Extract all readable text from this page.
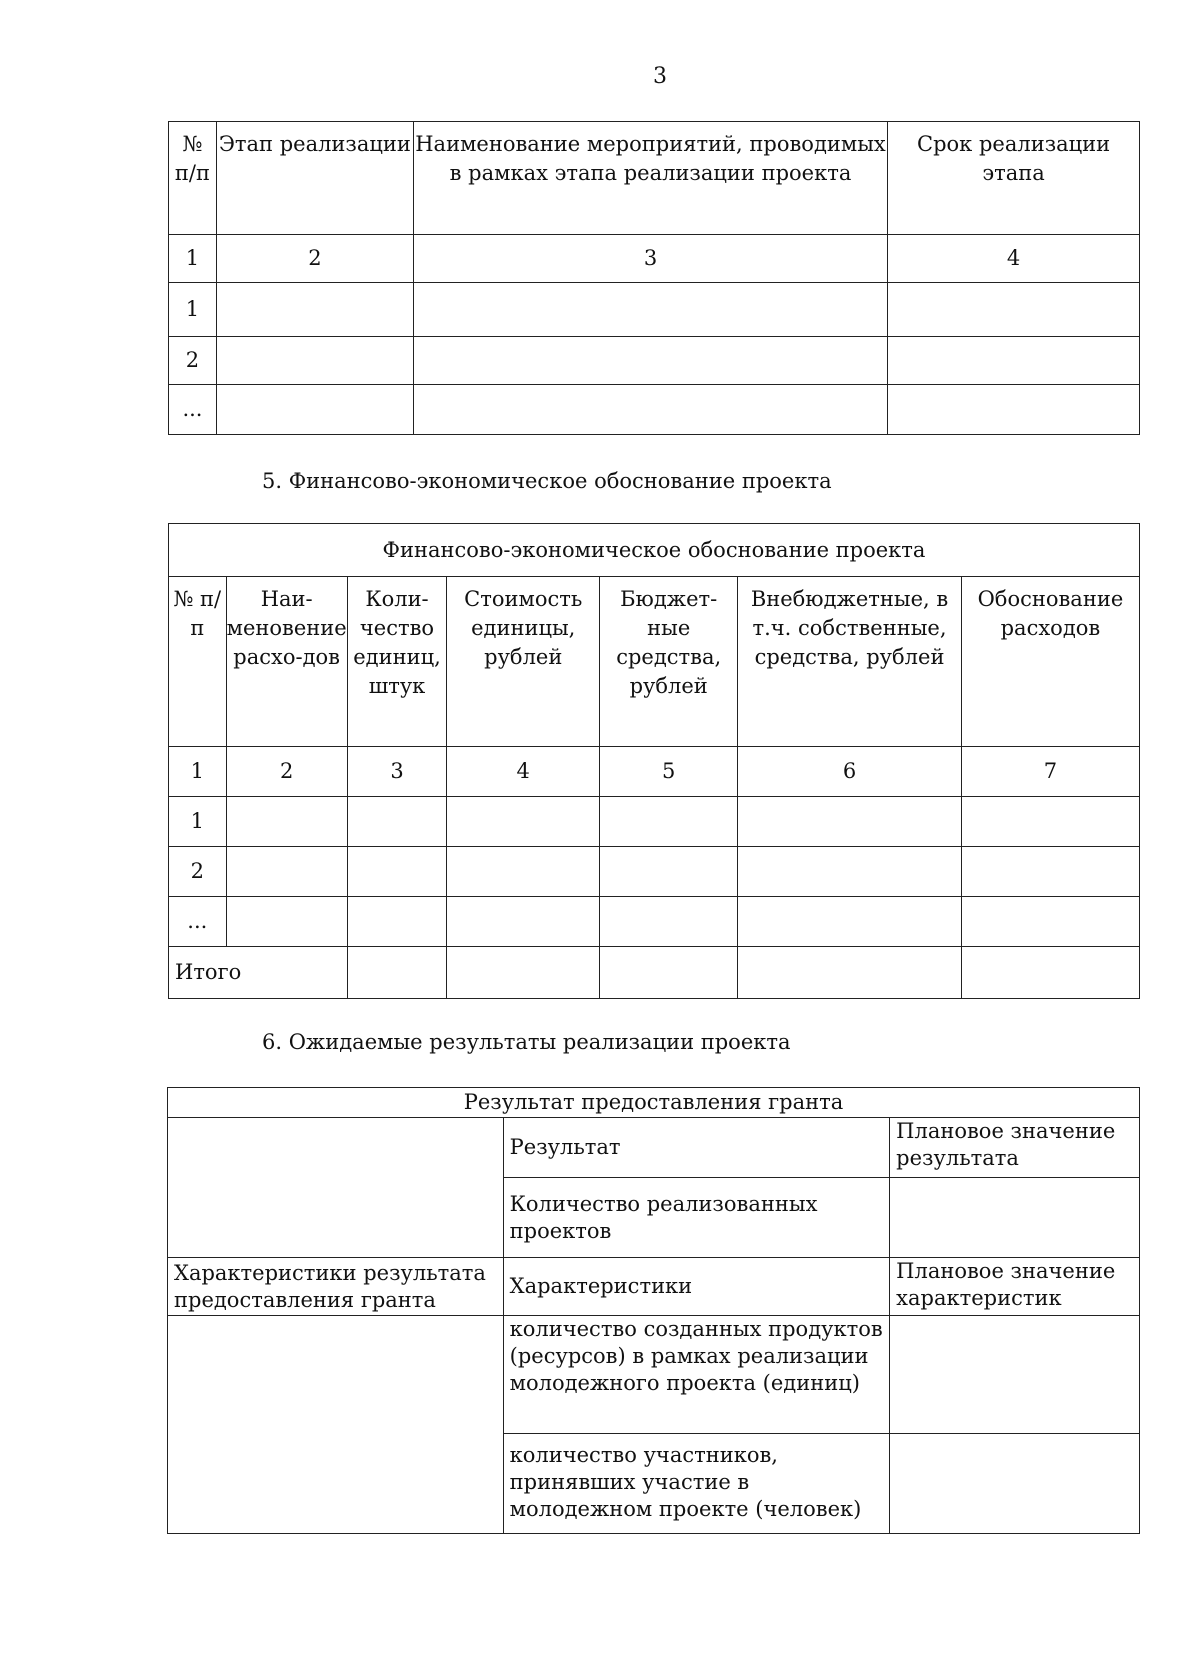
3
№ п/п	Этап реализации	Наименование мероприятий, проводимых в рамках этапа реализации проекта	Срок реализации этапа
1	2	3	4
1			
2			
...			
5. Финансово-экономическое обоснование проекта
Финансово-экономическое обоснование проекта						
№ п/п	Наи-меновение расхо-дов	Коли-чество единиц, штук	Стоимость единицы, рублей	Бюджет-ные средства, рублей	Внебюджетные, в т.ч. собственные, средства, рублей	Обоснование расходов
1	2	3	4	5	6	7
1						
2						
...						
Итого						
6. Ожидаемые результаты реализации проекта
Результат предоставления гранта		
	Результат	Плановое значение результата
	Количество реализованных проектов	
Характеристики результата предоставления гранта	Характеристики	Плановое значение характеристик
	количество созданных продуктов (ресурсов) в рамках реализации молодежного проекта (единиц)	
	количество участников, принявших участие в молодежном проекте (человек)	
